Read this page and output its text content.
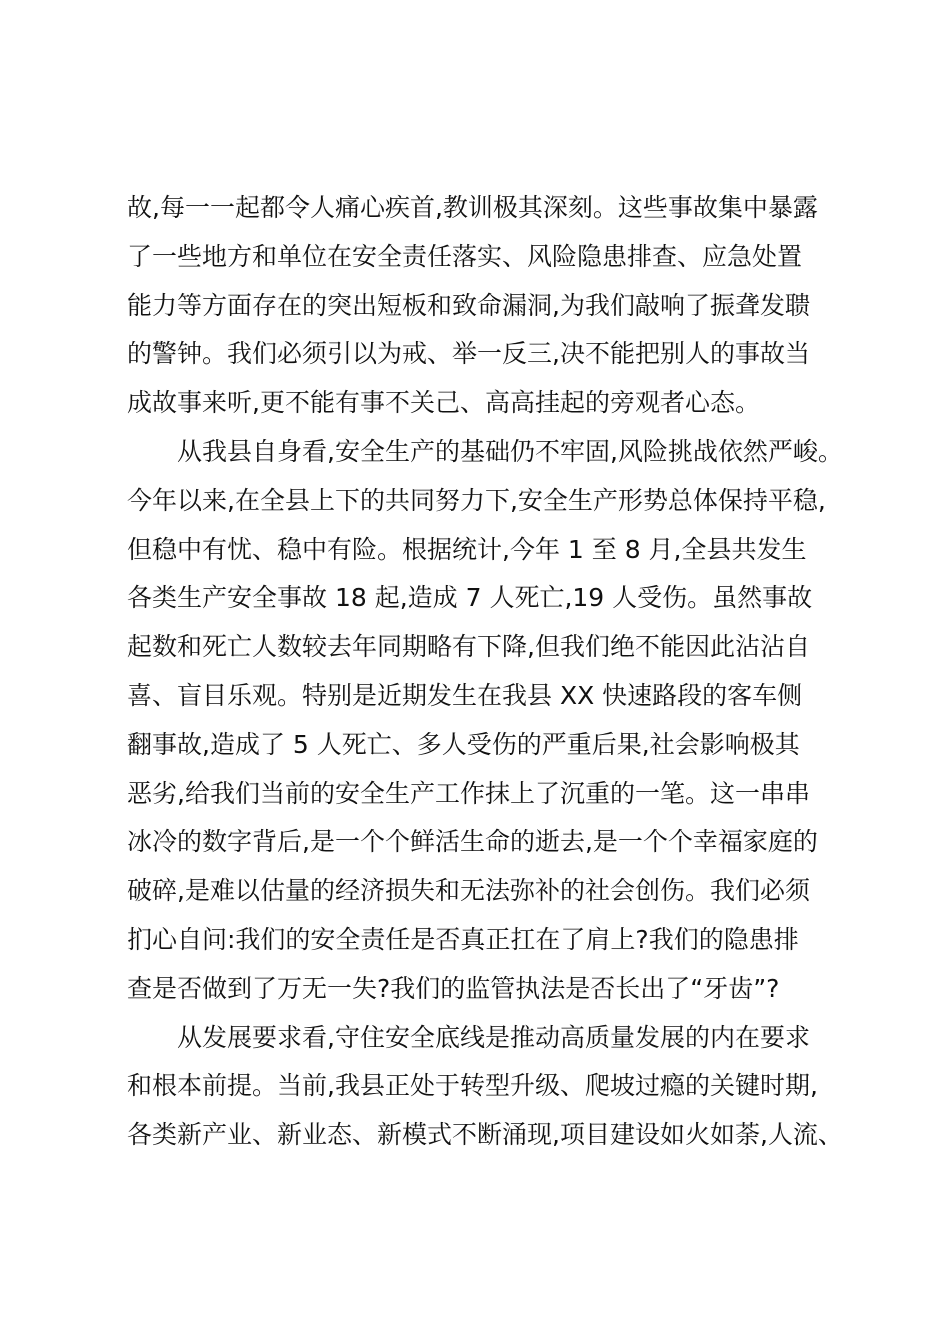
故,每一一起都令人痛心疾首,教训极其深刻。这些事故集中暴露
了一些地方和单位在安全责任落实、风险隐患排查、应急处置
能力等方面存在的突出短板和致命漏洞,为我们敲响了振聋发聩
的警钟。我们必须引以为戒、举一反三,决不能把别人的事故当
成故事来听,更不能有事不关己、高高挂起的旁观者心态。
从我县自身看,安全生产的基础仍不牢固,风险挑战依然严峻。
今年以来,在全县上下的共同努力下,安全生产形势总体保持平稳,
但稳中有忧、稳中有险。根据统计,今年 1 至 8 月,全县共发生
各类生产安全事故 18 起,造成 7 人死亡,19 人受伤。虽然事故
起数和死亡人数较去年同期略有下降,但我们绝不能因此沾沾自
喜、盲目乐观。特别是近期发生在我县 XX 快速路段的客车侧
翻事故,造成了 5 人死亡、多人受伤的严重后果,社会影响极其
恶劣,给我们当前的安全生产工作抹上了沉重的一笔。这一串串
冰冷的数字背后,是一个个鲜活生命的逝去,是一个个幸福家庭的
破碎,是难以估量的经济损失和无法弥补的社会创伤。我们必须
扪心自问:我们的安全责任是否真正扛在了肩上?我们的隐患排
查是否做到了万无一失?我们的监管执法是否长出了“牙齿”?
从发展要求看,守住安全底线是推动高质量发展的内在要求
和根本前提。当前,我县正处于转型升级、爬坡过瘾的关键时期,
各类新产业、新业态、新模式不断涌现,项目建设如火如荼,人流、
